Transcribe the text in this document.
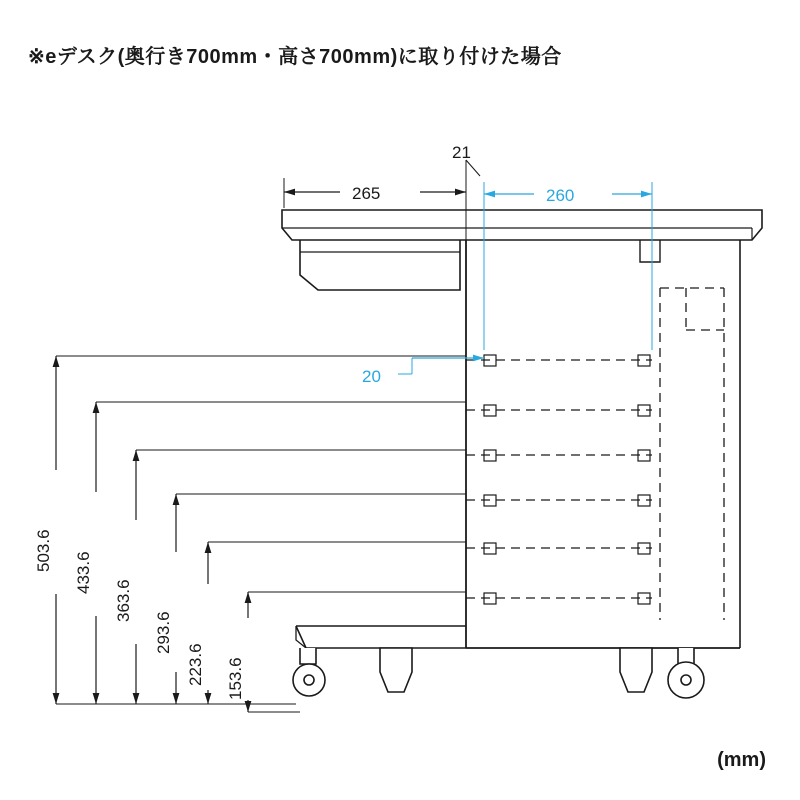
※eデスク(奥行き700mm・高さ700mm)に取り付けた場合
265
21
260
20
503.6
433.6
363.6
293.6
223.6 153.6
(mm)
